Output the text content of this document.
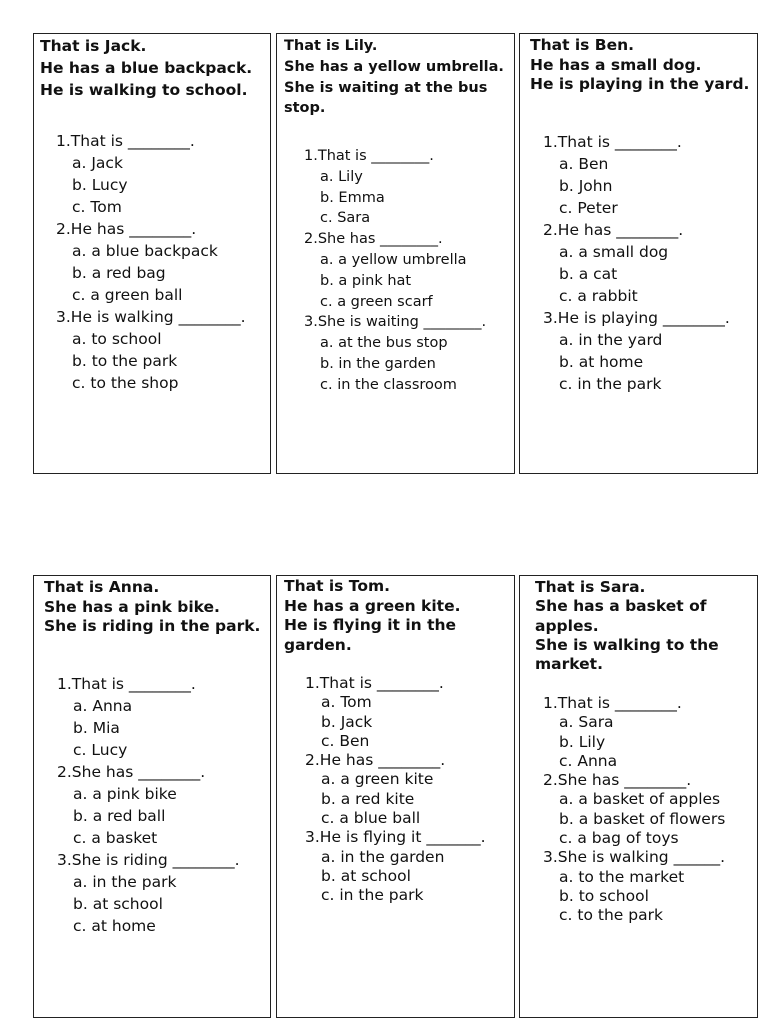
That is Jack.
He has a blue backpack.
He is walking to school.
1.That is ________.
a. Jack
b. Lucy
c. Tom
2.He has ________.
a. a blue backpack
b. a red bag
c. a green ball
3.He is walking ________.
a. to school
b. to the park
c. to the shop
That is Lily.
She has a yellow umbrella.
She is waiting at the bus stop.
1.That is ________.
a. Lily
b. Emma
c. Sara
2.She has ________.
a. a yellow umbrella
b. a pink hat
c. a green scarf
3.She is waiting ________.
a. at the bus stop
b. in the garden
c. in the classroom
That is Ben.
He has a small dog.
He is playing in the yard.
1.That is ________.
a. Ben
b. John
c. Peter
2.He has ________.
a. a small dog
b. a cat
c. a rabbit
3.He is playing ________.
a. in the yard
b. at home
c. in the park
That is Anna.
She has a pink bike.
She is riding in the park.
1.That is ________.
a. Anna
b. Mia
c. Lucy
2.She has ________.
a. a pink bike
b. a red ball
c. a basket
3.She is riding ________.
a. in the park
b. at school
c. at home
That is Tom.
He has a green kite.
He is flying it in the garden.
1.That is ________.
a. Tom
b. Jack
c. Ben
2.He has ________.
a. a green kite
b. a red kite
c. a blue ball
3.He is flying it _______.
a. in the garden
b. at school
c. in the park
That is Sara.
She has a basket of apples.
She is walking to the market.
1.That is ________.
a. Sara
b. Lily
c. Anna
2.She has ________.
a. a basket of apples
b. a basket of flowers
c. a bag of toys
3.She is walking ______.
a. to the market
b. to school
c. to the park
